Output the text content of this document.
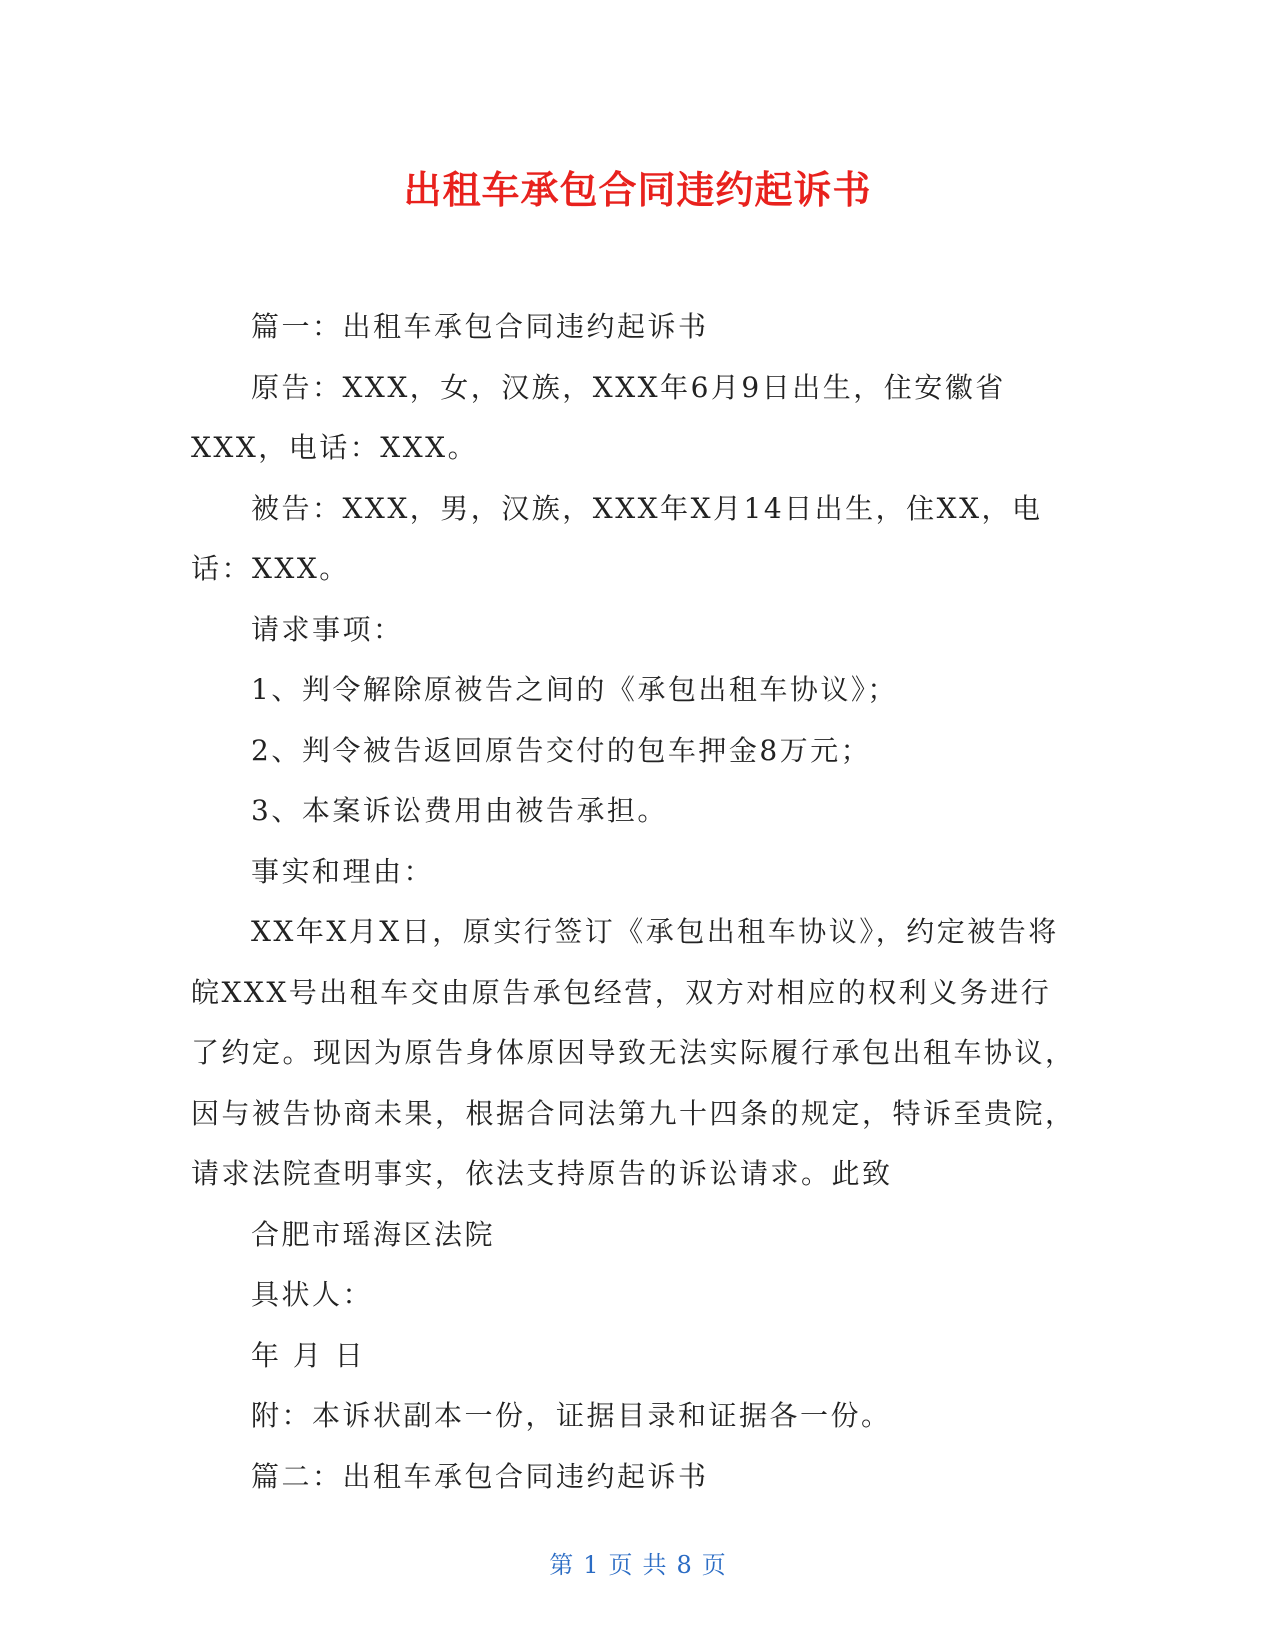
出租车承包合同违约起诉书

篇一：出租车承包合同违约起诉书

原告：XXX，女，汉族，XXX年6月9日出生，住安徽省XXX，电话：XXX。

被告：XXX，男，汉族，XXX年X月14日出生，住XX，电话：XXX。

请求事项：

1、判令解除原被告之间的《承包出租车协议》；

2、判令被告返回原告交付的包车押金8万元；

3、本案诉讼费用由被告承担。

事实和理由：

XX年X月X日，原实行签订《承包出租车协议》，约定被告将皖XXX号出租车交由原告承包经营，双方对相应的权利义务进行了约定。现因为原告身体原因导致无法实际履行承包出租车协议，因与被告协商未果，根据合同法第九十四条的规定，特诉至贵院，请求法院查明事实，依法支持原告的诉讼请求。此致

合肥市瑶海区法院

具状人：

年 月 日

附：本诉状副本一份，证据目录和证据各一份。

篇二：出租车承包合同违约起诉书

第 1 页 共 8 页
